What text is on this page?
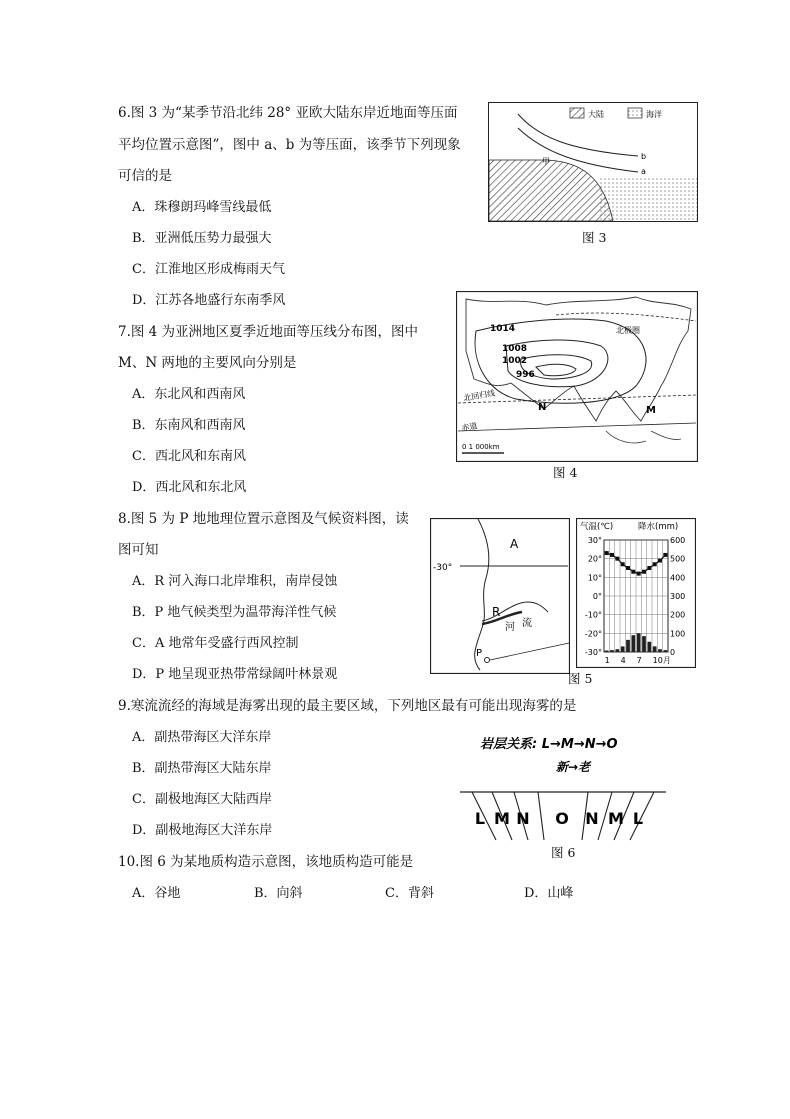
6.图 3 为“某季节沿北纬 28° 亚欧大陆东岸近地面等压面
平均位置示意图”，图中 a、b 为等压面，该季节下列现象
可信的是
A．珠穆朗玛峰雪线最低
B．亚洲低压势力最强大
C．江淮地区形成梅雨天气
D．江苏各地盛行东南季风
大陆	海洋
b
a
甲
图 3
7.图 4 为亚洲地区夏季近地面等压线分布图，图中
M、N 两地的主要风向分别是
A．东北风和西南风
B．东南风和西南风
C．西北风和东南风
D．西北风和东北风
1014
1008
1002
996
北极圈
北回归线
赤道
N	M
0 1 000km
图 4
8.图 5 为 P 地地理位置示意图及气候资料图，读
图可知
A．R 河入海口北岸堆积，南岸侵蚀
B．P 地气候类型为温带海洋性气候
C．A 地常年受盛行西风控制
D．P 地呈现亚热带常绿阔叶林景观
-30°
A
R
河 流
P
气温(℃)	降水(mm)
30°
20°
10°
0°
-10°
-20°
-30°
600
500
400
300
200
100
0
1 4 7 10月
图 5
9.寒流流经的海域是海雾出现的最主要区域，下列地区最有可能出现海雾的是
A．副热带海区大洋东岸
B．副热带海区大陆东岸
C．副极地海区大陆西岸
D．副极地海区大洋东岸
岩层关系: L→M→N→O
新→老
L M N O N M L
图 6
10.图 6 为某地质构造示意图，该地质构造可能是
A．谷地	B．向斜	C．背斜	D．山峰
